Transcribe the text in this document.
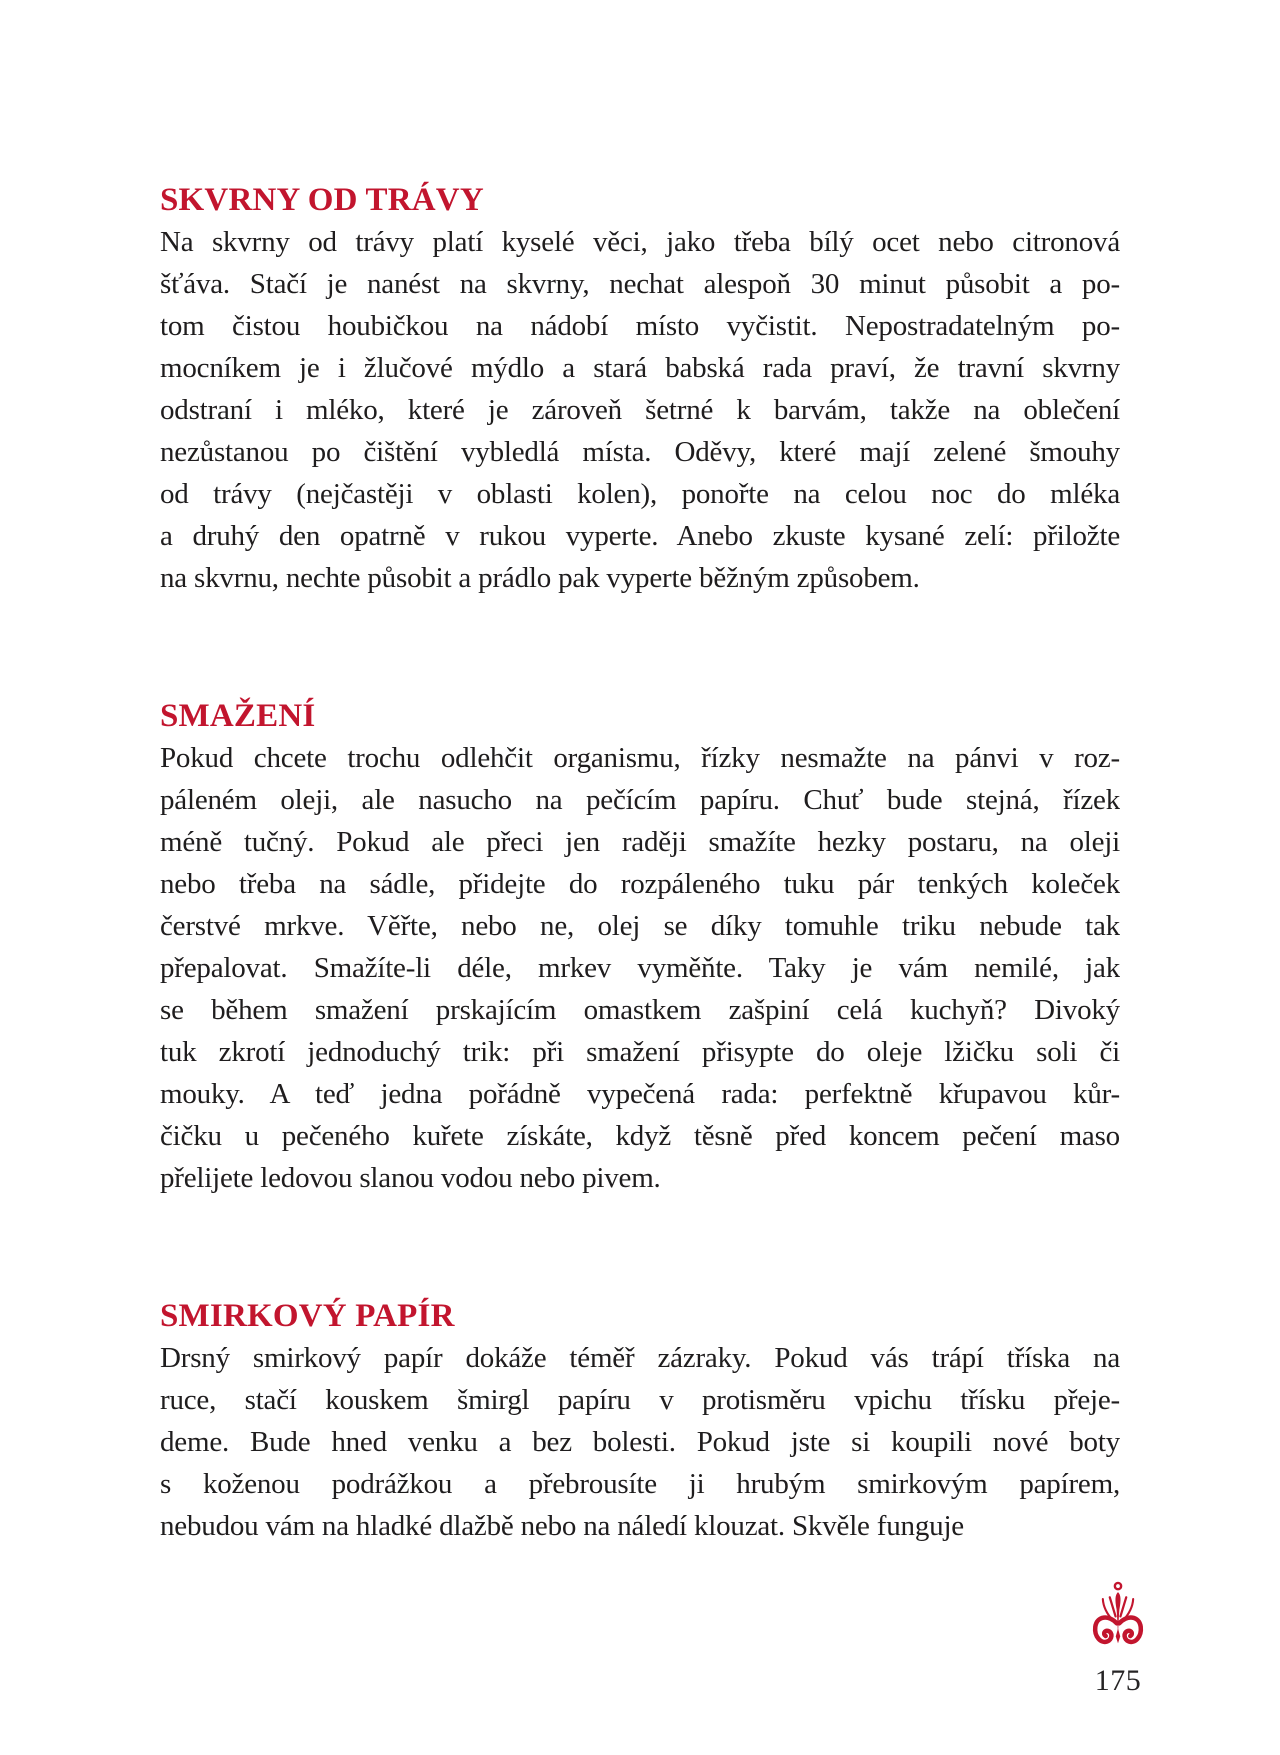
SKVRNY OD TRÁVY
Na skvrny od trávy platí kyselé věci, jako třeba bílý ocet nebo citronová
šťáva. Stačí je nanést na skvrny, nechat alespoň 30 minut působit a po-
tom čistou houbičkou na nádobí místo vyčistit. Nepostradatelným po-
mocníkem je i žlučové mýdlo a stará babská rada praví, že travní skvrny
odstraní i mléko, které je zároveň šetrné k barvám, takže na oblečení
nezůstanou po čištění vybledlá místa. Oděvy, které mají zelené šmouhy
od trávy (nejčastěji v oblasti kolen), ponořte na celou noc do mléka
a druhý den opatrně v rukou vyperte. Anebo zkuste kysané zelí: přiložte
na skvrnu, nechte působit a prádlo pak vyperte běžným způsobem.
SMAŽENÍ
Pokud chcete trochu odlehčit organismu, řízky nesmažte na pánvi v roz-
páleném oleji, ale nasucho na pečícím papíru. Chuť bude stejná, řízek
méně tučný. Pokud ale přeci jen raději smažíte hezky postaru, na oleji
nebo třeba na sádle, přidejte do rozpáleného tuku pár tenkých koleček
čerstvé mrkve. Věřte, nebo ne, olej se díky tomuhle triku nebude tak
přepalovat. Smažíte-li déle, mrkev vyměňte. Taky je vám nemilé, jak
se během smažení prskajícím omastkem zašpiní celá kuchyň? Divoký
tuk zkrotí jednoduchý trik: při smažení přisypte do oleje lžičku soli či
mouky. A teď jedna pořádně vypečená rada: perfektně křupavou kůr-
čičku u pečeného kuřete získáte, když těsně před koncem pečení maso
přelijete ledovou slanou vodou nebo pivem.
SMIRKOVÝ PAPÍR
Drsný smirkový papír dokáže téměř zázraky. Pokud vás trápí tříska na
ruce, stačí kouskem šmirgl papíru v protisměru vpichu třísku přeje-
deme. Bude hned venku a bez bolesti. Pokud jste si koupili nové boty
s koženou podrážkou a přebrousíte ji hrubým smirkovým papírem,
nebudou vám na hladké dlažbě nebo na náledí klouzat. Skvěle funguje
175
